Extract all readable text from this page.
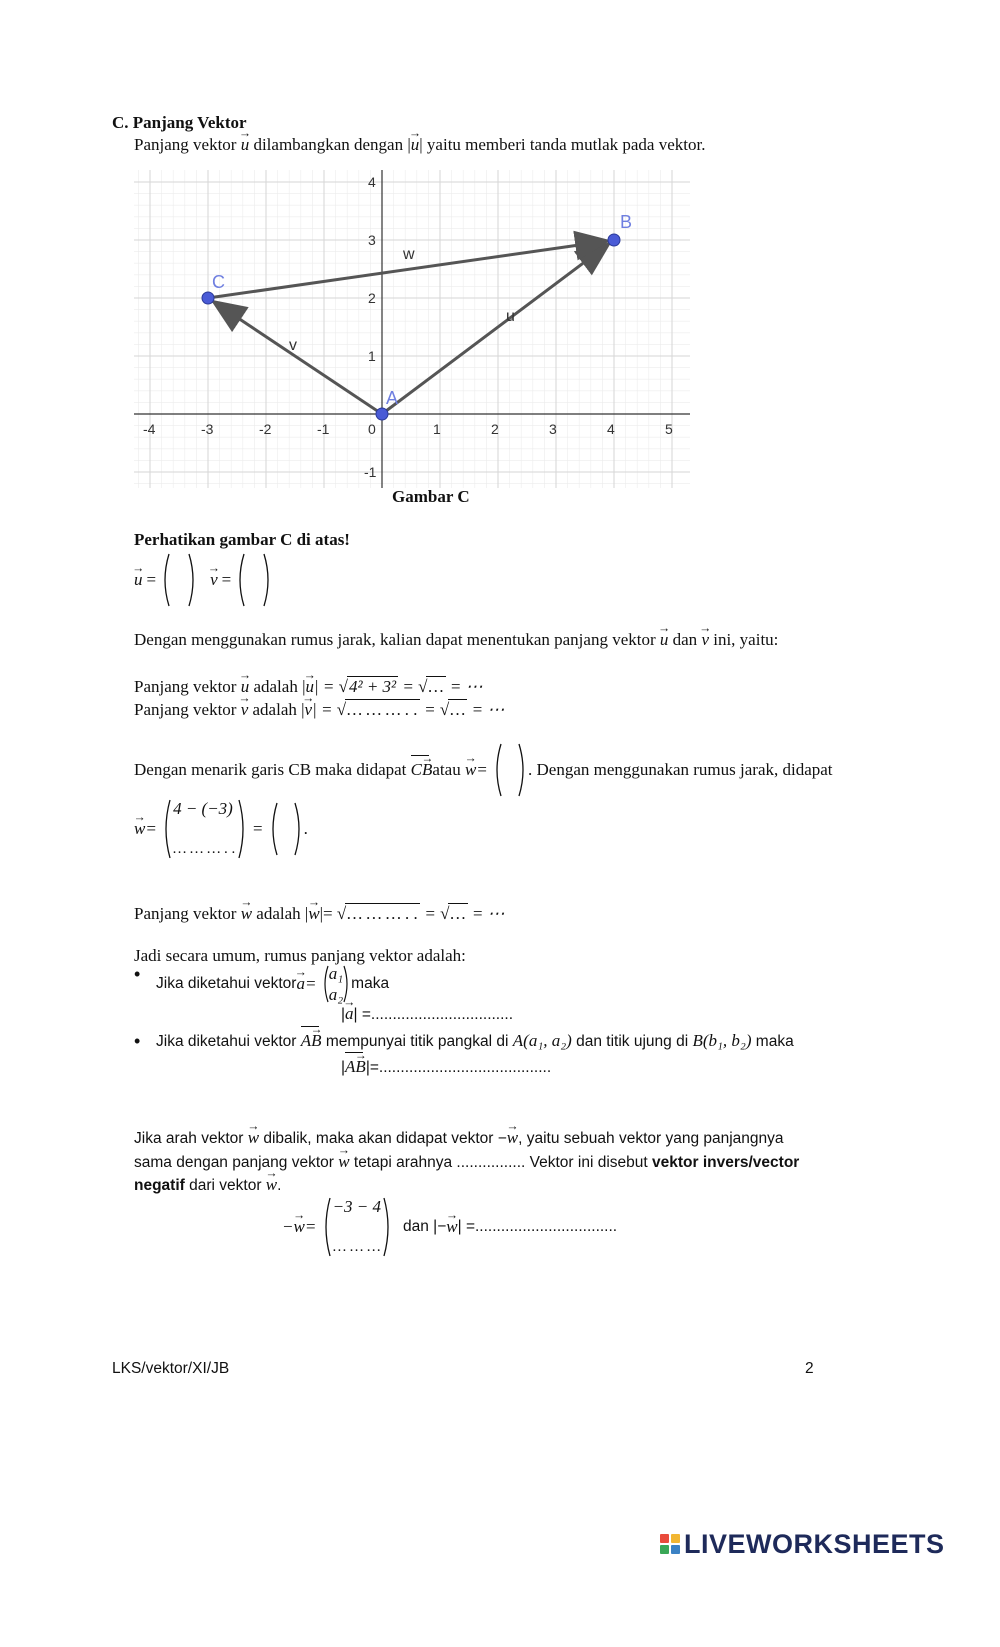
C. Panjang Vektor
Panjang vektor → u dilambangkan dengan |→ u| yaitu memberi tanda mutlak pada vektor.
-4	-3	-2	-1	0	1	2	3	4	5
4
3
2
1
-1
u
v
w
A
B
C
Gambar C
Perhatikan gambar C di atas!
→ u =	→ v =
Dengan menggunakan rumus jarak, kalian dapat menentukan panjang vektor → u dan → v ini, yaitu:
Panjang vektor → u adalah |→ u| = √4² + 3² = √… = ⋯
Panjang vektor → v adalah |→ v| = √… … … . . = √… = ⋯
Dengan menarik garis CB maka didapat
→ CB atau
→ w =
. Dengan menggunakan rumus jarak, didapat
→ w =

4 − (−3)
… … … . .

=
.
Panjang vektor → w adalah |→ w|= √… … … . . = √… = ⋯
Jadi secara umum, rumus panjang vektor adalah:
• Jika diketahui vektor → a =

a₁
a₂
maka
|→ a| =.................................
• Jika diketahui vektor → AB mempunyai titik pangkal di A(a₁, a₂) dan titik ujung di B(b₁, b₂) maka
|→ AB|=........................................
Jika arah vektor → w dibalik, maka akan didapat vektor −→ w, yaitu sebuah vektor yang panjangnya
sama dengan panjang vektor → w tetapi arahnya ................ Vektor ini disebut vektor invers/vector
negatif dari vektor → w.
− → w =

−3 − 4
… … …
dan |− → w | =.................................
LKS/vektor/XI/JB	2
LIVEWORKSHEETS
